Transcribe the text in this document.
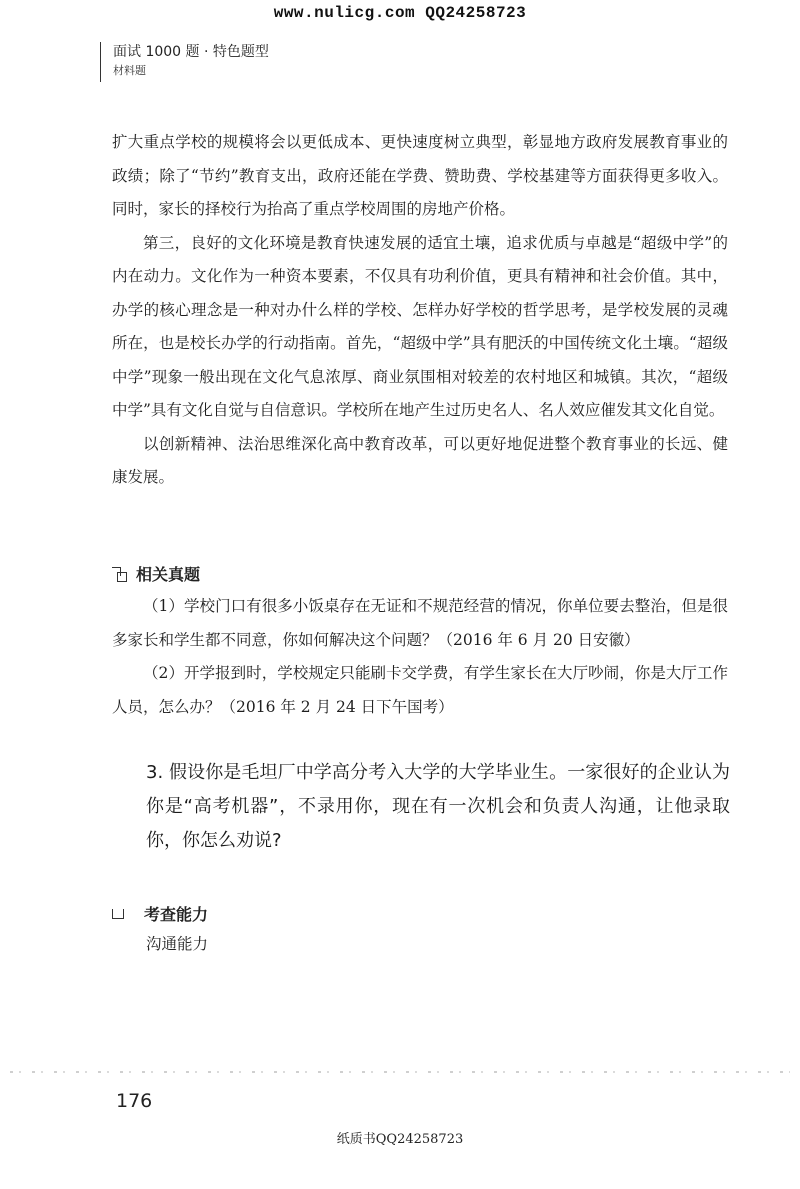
www.nulicg.com QQ24258723
面试 1000 题 · 特色题型
材料题

扩大重点学校的规模将会以更低成本、更快速度树立典型，彰显地方政府发展教育事业的政绩；除了“节约”教育支出，政府还能在学费、赞助费、学校基建等方面获得更多收入。同时，家长的择校行为抬高了重点学校周围的房地产价格。

第三，良好的文化环境是教育快速发展的适宜土壤，追求优质与卓越是“超级中学”的内在动力。文化作为一种资本要素，不仅具有功利价值，更具有精神和社会价值。其中，办学的核心理念是一种对办什么样的学校、怎样办好学校的哲学思考，是学校发展的灵魂所在，也是校长办学的行动指南。首先，“超级中学”具有肥沃的中国传统文化土壤。“超级中学”现象一般出现在文化气息浓厚、商业氛围相对较差的农村地区和城镇。其次，“超级中学”具有文化自觉与自信意识。学校所在地产生过历史名人、名人效应催发其文化自觉。

以创新精神、法治思维深化高中教育改革，可以更好地促进整个教育事业的长远、健康发展。

相关真题

（1）学校门口有很多小饭桌存在无证和不规范经营的情况，你单位要去整治，但是很多家长和学生都不同意，你如何解决这个问题？（2016 年 6 月 20 日安徽）

（2）开学报到时，学校规定只能刷卡交学费，有学生家长在大厅吵闹，你是大厅工作人员，怎么办？（2016 年 2 月 24 日下午国考）

3. 假设你是毛坦厂中学高分考入大学的大学毕业生。一家很好的企业认为你是“高考机器”，不录用你，现在有一次机会和负责人沟通，让他录取你，你怎么劝说?
考查能力
沟通能力
176
纸质书QQ24258723
